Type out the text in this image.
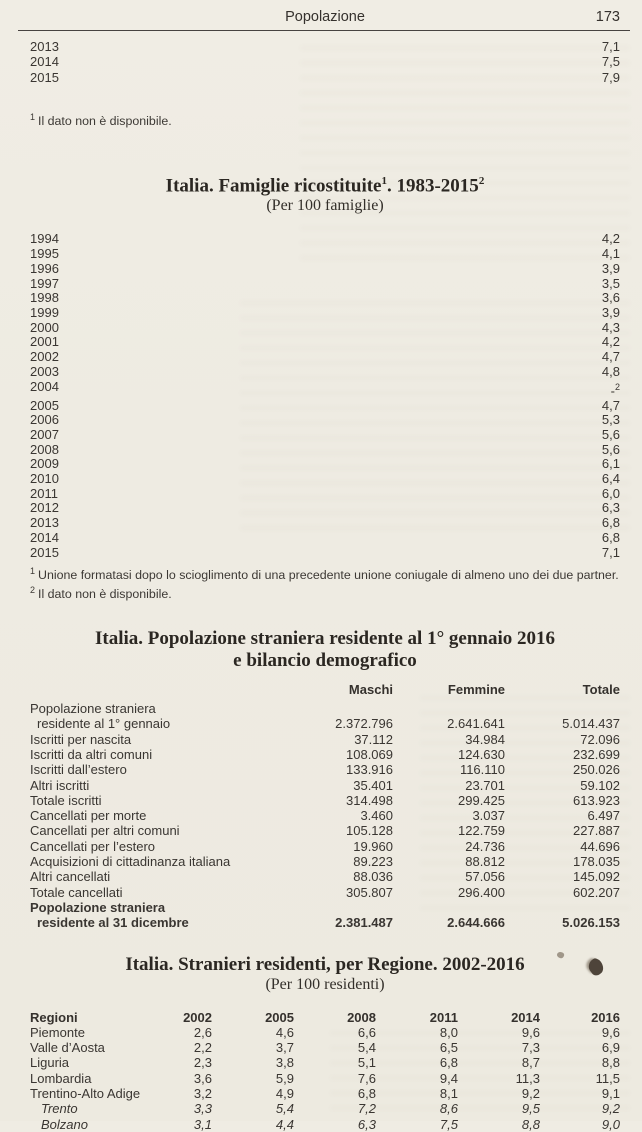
Popolazione	173
2013	7,1
2014	7,5
2015	7,9
$^1$ Il dato non è disponibile.
Italia. Famiglie ricostituite$^1$. 1983-2015$^2$
(Per 100 famiglie)
1994	4,2
1995	4,1
1996	3,9
1997	3,5
1998	3,6
1999	3,9
2000	4,3
2001	4,2
2002	4,7
2003	4,8
2004	-$^2$
2005	4,7
2006	5,3
2007	5,6
2008	5,6
2009	6,1
2010	6,4
2011	6,0
2012	6,3
2013	6,8
2014	6,8
2015	7,1
$^1$ Unione formatasi dopo lo scioglimento di una precedente unione coniugale di almeno uno dei due partner.
$^2$ Il dato non è disponibile.
Italia. Popolazione straniera residente al 1° gennaio 2016
e bilancio demografico
	Maschi	Femmine	Totale
Popolazione straniera
residente al 1° gennaio	2.372.796	2.641.641	5.014.437
Iscritti per nascita	37.112	34.984	72.096
Iscritti da altri comuni	108.069	124.630	232.699
Iscritti dall’estero	133.916	116.110	250.026
Altri iscritti	35.401	23.701	59.102
Totale iscritti	314.498	299.425	613.923
Cancellati per morte	3.460	3.037	6.497
Cancellati per altri comuni	105.128	122.759	227.887
Cancellati per l’estero	19.960	24.736	44.696
Acquisizioni di cittadinanza italiana	89.223	88.812	178.035
Altri cancellati	88.036	57.056	145.092
Totale cancellati	305.807	296.400	602.207
Popolazione straniera
residente al 31 dicembre	2.381.487	2.644.666	5.026.153
Italia. Stranieri residenti, per Regione. 2002-2016
(Per 100 residenti)
Regioni	2002	2005	2008	2011	2014	2016
Piemonte	2,6	4,6	6,6	8,0	9,6	9,6
Valle d’Aosta	2,2	3,7	5,4	6,5	7,3	6,9
Liguria	2,3	3,8	5,1	6,8	8,7	8,8
Lombardia	3,6	5,9	7,6	9,4	11,3	11,5
Trentino-Alto Adige	3,2	4,9	6,8	8,1	9,2	9,1
Trento	3,3	5,4	7,2	8,6	9,5	9,2
Bolzano	3,1	4,4	6,3	7,5	8,8	9,0
